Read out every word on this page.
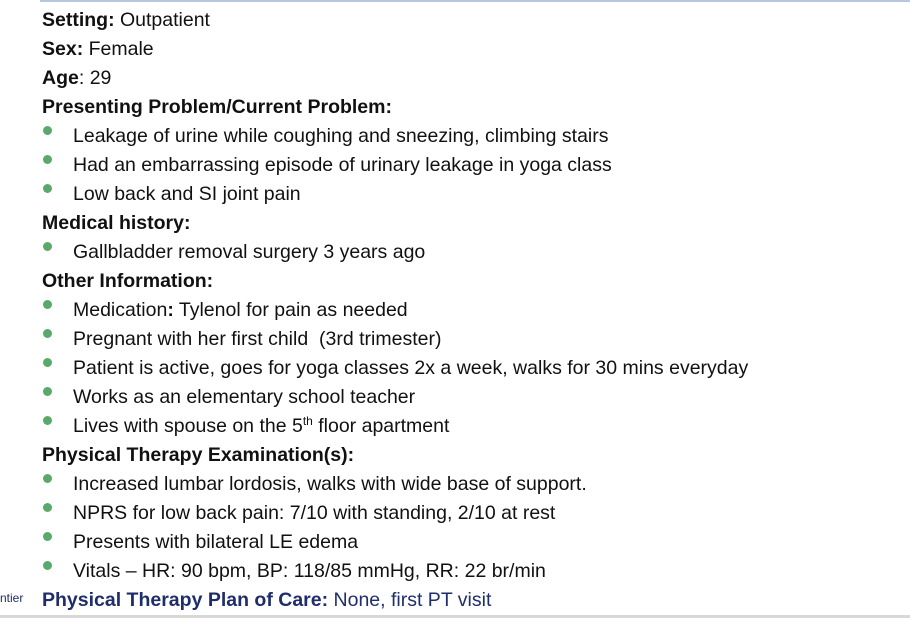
ntier
Setting: Outpatient
Sex: Female
Age: 29
Presenting Problem/Current Problem:
Leakage of urine while coughing and sneezing, climbing stairs
Had an embarrassing episode of urinary leakage in yoga class
Low back and SI joint pain
Medical history:
Gallbladder removal surgery 3 years ago
Other Information:
Medication: Tylenol for pain as needed
Pregnant with her first child  (3rd trimester)
Patient is active, goes for yoga classes 2x a week, walks for 30 mins everyday
Works as an elementary school teacher
Lives with spouse on the 5th floor apartment
Physical Therapy Examination(s):
Increased lumbar lordosis, walks with wide base of support.
NPRS for low back pain: 7/10 with standing, 2/10 at rest
Presents with bilateral LE edema
Vitals – HR: 90 bpm, BP: 118/85 mmHg, RR: 22 br/min
Physical Therapy Plan of Care: None, first PT visit
